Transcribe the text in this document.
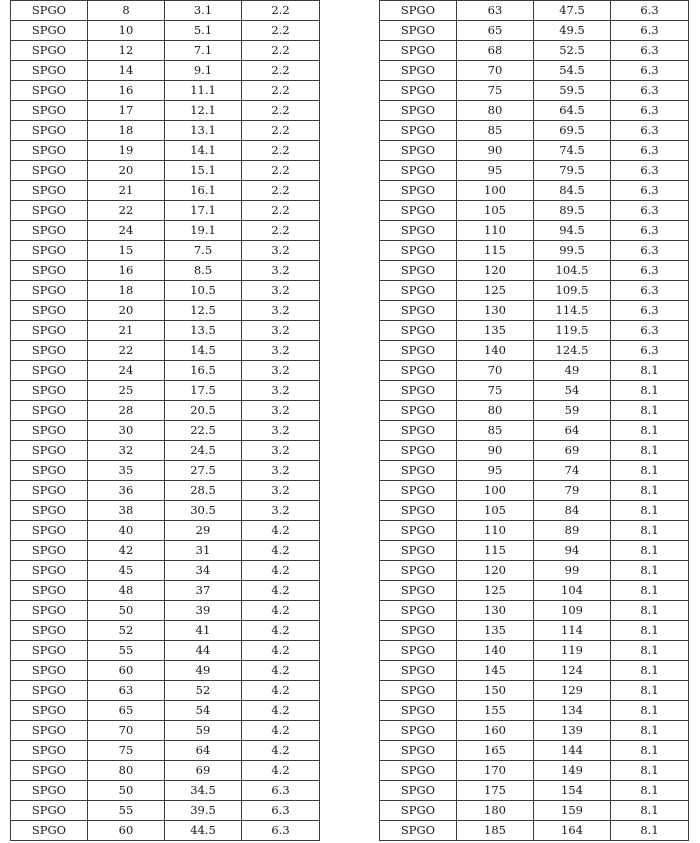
SPGO	8	3.1	2.2
SPGO	10	5.1	2.2
SPGO	12	7.1	2.2
SPGO	14	9.1	2.2
SPGO	16	11.1	2.2
SPGO	17	12.1	2.2
SPGO	18	13.1	2.2
SPGO	19	14.1	2.2
SPGO	20	15.1	2.2
SPGO	21	16.1	2.2
SPGO	22	17.1	2.2
SPGO	24	19.1	2.2
SPGO	15	7.5	3.2
SPGO	16	8.5	3.2
SPGO	18	10.5	3.2
SPGO	20	12.5	3.2
SPGO	21	13.5	3.2
SPGO	22	14.5	3.2
SPGO	24	16.5	3.2
SPGO	25	17.5	3.2
SPGO	28	20.5	3.2
SPGO	30	22.5	3.2
SPGO	32	24.5	3.2
SPGO	35	27.5	3.2
SPGO	36	28.5	3.2
SPGO	38	30.5	3.2
SPGO	40	29	4.2
SPGO	42	31	4.2
SPGO	45	34	4.2
SPGO	48	37	4.2
SPGO	50	39	4.2
SPGO	52	41	4.2
SPGO	55	44	4.2
SPGO	60	49	4.2
SPGO	63	52	4.2
SPGO	65	54	4.2
SPGO	70	59	4.2
SPGO	75	64	4.2
SPGO	80	69	4.2
SPGO	50	34.5	6.3
SPGO	55	39.5	6.3
SPGO	60	44.5	6.3
SPGO	63	47.5	6.3
SPGO	65	49.5	6.3
SPGO	68	52.5	6.3
SPGO	70	54.5	6.3
SPGO	75	59.5	6.3
SPGO	80	64.5	6.3
SPGO	85	69.5	6.3
SPGO	90	74.5	6.3
SPGO	95	79.5	6.3
SPGO	100	84.5	6.3
SPGO	105	89.5	6.3
SPGO	110	94.5	6.3
SPGO	115	99.5	6.3
SPGO	120	104.5	6.3
SPGO	125	109.5	6.3
SPGO	130	114.5	6.3
SPGO	135	119.5	6.3
SPGO	140	124.5	6.3
SPGO	70	49	8.1
SPGO	75	54	8.1
SPGO	80	59	8.1
SPGO	85	64	8.1
SPGO	90	69	8.1
SPGO	95	74	8.1
SPGO	100	79	8.1
SPGO	105	84	8.1
SPGO	110	89	8.1
SPGO	115	94	8.1
SPGO	120	99	8.1
SPGO	125	104	8.1
SPGO	130	109	8.1
SPGO	135	114	8.1
SPGO	140	119	8.1
SPGO	145	124	8.1
SPGO	150	129	8.1
SPGO	155	134	8.1
SPGO	160	139	8.1
SPGO	165	144	8.1
SPGO	170	149	8.1
SPGO	175	154	8.1
SPGO	180	159	8.1
SPGO	185	164	8.1
